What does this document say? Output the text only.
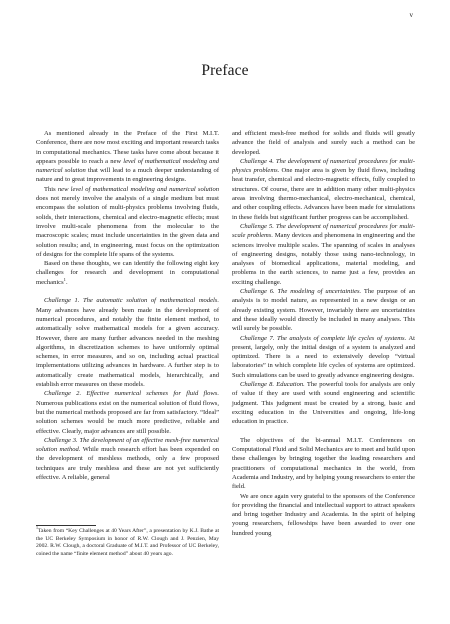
v
Preface

As mentioned already in the Preface of the First M.I.T. Conference, there are now most exciting and important research tasks in computational mechanics. These tasks have come about because it appears possible to reach a new level of mathematical modeling and numerical solution that will lead to a much deeper understanding of nature and to great improvements in engineering designs.

This new level of mathematical modeling and numerical solution does not merely involve the analysis of a single medium but must encompass the solution of multi-physics problems involving fluids, solids, their interactions, chemical and electro-magnetic effects; must involve multi-scale phenomena from the molecular to the macroscopic scales; must include uncertainties in the given data and solution results; and, in engineering, must focus on the optimization of designs for the complete life spans of the systems.

Based on these thoughts, we can identify the following eight key challenges for research and development in computational mechanics$^1$.

Challenge 1. The automatic solution of mathematical models. Many advances have already been made in the development of numerical procedures, and notably the finite element method, to automatically solve mathematical models for a given accuracy. However, there are many further advances needed in the meshing algorithms, in discretization schemes to have uniformly optimal schemes, in error measures, and so on, including actual practical implementations utilizing advances in hardware. A further step is to automatically create mathematical models, hierarchically, and establish error measures on these models.

Challenge 2. Effective numerical schemes for fluid flows. Numerous publications exist on the numerical solution of fluid flows, but the numerical methods proposed are far from satisfactory. “Ideal” solution schemes would be much more predictive, reliable and effective. Clearly, major advances are still possible.

Challenge 3. The development of an effective mesh-free numerical solution method. While much research effort has been expended on the development of meshless methods, only a few proposed techniques are truly meshless and these are not yet sufficiently effective. A reliable, general

$^1$Taken from “Key Challenges at 40 Years After”, a presentation by K.J. Bathe at the UC Berkeley Symposium in honor of R.W. Clough and J. Penzien, May 2002. R.W. Clough, a doctoral Graduate of M.I.T. and Professor of UC Berkeley, coined the name “finite element method” about 40 years ago.

and efficient mesh-free method for solids and fluids will greatly advance the field of analysis and surely such a method can be developed.

Challenge 4. The development of numerical procedures for multi-physics problems. One major area is given by fluid flows, including heat transfer, chemical and electro-magnetic effects, fully coupled to structures. Of course, there are in addition many other multi-physics areas involving thermo-mechanical, electro-mechanical, chemical, and other coupling effects. Advances have been made for simulations in these fields but significant further progress can be accomplished.

Challenge 5. The development of numerical procedures for multi-scale problems. Many devices and phenomena in engineering and the sciences involve multiple scales. The spanning of scales in analyses of engineering designs, notably those using nano-technology, in analyses of biomedical applications, material modeling, and problems in the earth sciences, to name just a few, provides an exciting challenge.

Challenge 6. The modeling of uncertainties. The purpose of an analysis is to model nature, as represented in a new design or an already existing system. However, invariably there are uncertainties and these ideally would directly be included in many analyses. This will surely be possible.

Challenge 7. The analysis of complete life cycles of systems. At present, largely, only the initial design of a system is analyzed and optimized. There is a need to extensively develop “virtual laboratories” in which complete life cycles of systems are optimized. Such simulations can be used to greatly advance engineering designs.

Challenge 8. Education. The powerful tools for analysis are only of value if they are used with sound engineering and scientific judgment. This judgment must be created by a strong, basic and exciting education in the Universities and ongoing, life-long education in practice.

The objectives of the bi-annual M.I.T. Conferences on Computational Fluid and Solid Mechanics are to meet and build upon these challenges by bringing together the leading researchers and practitioners of computational mechanics in the world, from Academia and Industry, and by helping young researchers to enter the field.

We are once again very grateful to the sponsors of the Conference for providing the financial and intellectual support to attract speakers and bring together Industry and Academia. In the spirit of helping young researchers, fellowships have been awarded to over one hundred young
